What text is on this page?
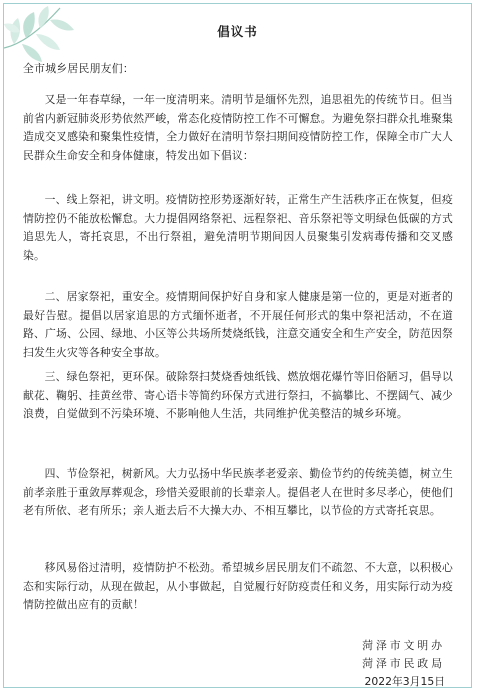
倡议书
全市城乡居民朋友们：

又是一年春草绿，一年一度清明来。清明节是缅怀先烈，追思祖先的传统节日。但当前省内新冠肺炎形势依然严峻，常态化疫情防控工作不可懈怠。为避免祭扫群众扎堆聚集造成交叉感染和聚集性疫情，全力做好在清明节祭扫期间疫情防控工作，保障全市广大人民群众生命安全和身体健康，特发出如下倡议：

一、线上祭祀，讲文明。疫情防控形势逐渐好转，正常生产生活秩序正在恢复，但疫情防控仍不能放松懈怠。大力提倡网络祭祀、远程祭祀、音乐祭祀等文明绿色低碳的方式追思先人，寄托哀思，不出行祭祖，避免清明节期间因人员聚集引发病毒传播和交叉感染。

二、居家祭祀，重安全。疫情期间保护好自身和家人健康是第一位的，更是对逝者的最好告慰。提倡以居家追思的方式缅怀逝者，不开展任何形式的集中祭祀活动，不在道路、广场、公园、绿地、小区等公共场所焚烧纸钱，注意交通安全和生产安全，防范因祭扫发生火灾等各种安全事故。

三、绿色祭祀，更环保。破除祭扫焚烧香烛纸钱、燃放烟花爆竹等旧俗陋习，倡导以献花、鞠躬、挂黄丝带、寄心语卡等简约环保方式进行祭扫，不搞攀比、不摆阔气、减少浪费，自觉做到不污染环境、不影响他人生活，共同维护优美整洁的城乡环境。

四、节俭祭祀，树新风。大力弘扬中华民族孝老爱亲、勤俭节约的传统美德，树立生前孝亲胜于重敛厚葬观念，珍惜关爱眼前的长辈亲人。提倡老人在世时多尽孝心，使他们老有所依、老有所乐；亲人逝去后不大操大办、不相互攀比，以节俭的方式寄托哀思。

移风易俗过清明，疫情防护不松劲。希望城乡居民朋友们不疏忽、不大意，以积极心态和实际行动，从现在做起，从小事做起，自觉履行好防疫责任和义务，用实际行动为疫情防控做出应有的贡献！

菏泽市文明办
菏泽市民政局
2022年3月15日
